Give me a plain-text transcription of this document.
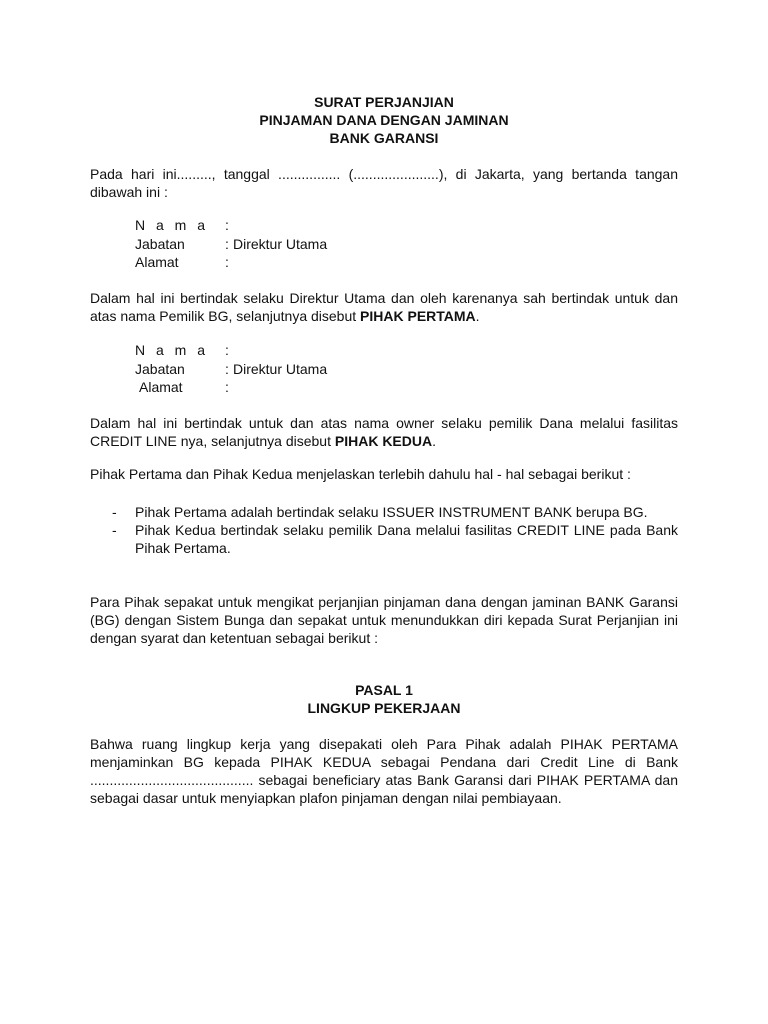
SURAT PERJANJIAN
PINJAMAN DANA DENGAN JAMINAN
BANK GARANSI
Pada hari ini........., tanggal ................ (......................), di Jakarta, yang bertanda tangan dibawah ini :
N a m a	:
Jabatan	: Direktur Utama
Alamat	:
Dalam hal ini bertindak selaku Direktur Utama dan oleh karenanya sah bertindak untuk dan atas nama Pemilik BG, selanjutnya disebut PIHAK PERTAMA.
N a m a	:
Jabatan	: Direktur Utama
Alamat	:
Dalam hal ini bertindak untuk dan atas nama owner selaku pemilik Dana melalui fasilitas CREDIT LINE nya, selanjutnya disebut PIHAK KEDUA.
Pihak Pertama dan Pihak Kedua menjelaskan terlebih dahulu hal - hal sebagai berikut :
-	Pihak Pertama adalah bertindak selaku ISSUER INSTRUMENT BANK berupa BG.
-	Pihak Kedua bertindak selaku pemilik Dana melalui fasilitas CREDIT LINE pada Bank Pihak Pertama.
Para Pihak sepakat untuk mengikat perjanjian pinjaman dana dengan jaminan BANK Garansi (BG) dengan Sistem Bunga dan sepakat untuk menundukkan diri kepada Surat Perjanjian ini dengan syarat dan ketentuan sebagai berikut :
PASAL 1
LINGKUP PEKERJAAN
Bahwa ruang lingkup kerja yang disepakati oleh Para Pihak adalah PIHAK PERTAMA menjaminkan BG kepada PIHAK KEDUA sebagai Pendana dari Credit Line di Bank .......................................... sebagai beneficiary atas Bank Garansi dari PIHAK PERTAMA dan sebagai dasar untuk menyiapkan plafon pinjaman dengan nilai pembiayaan.
